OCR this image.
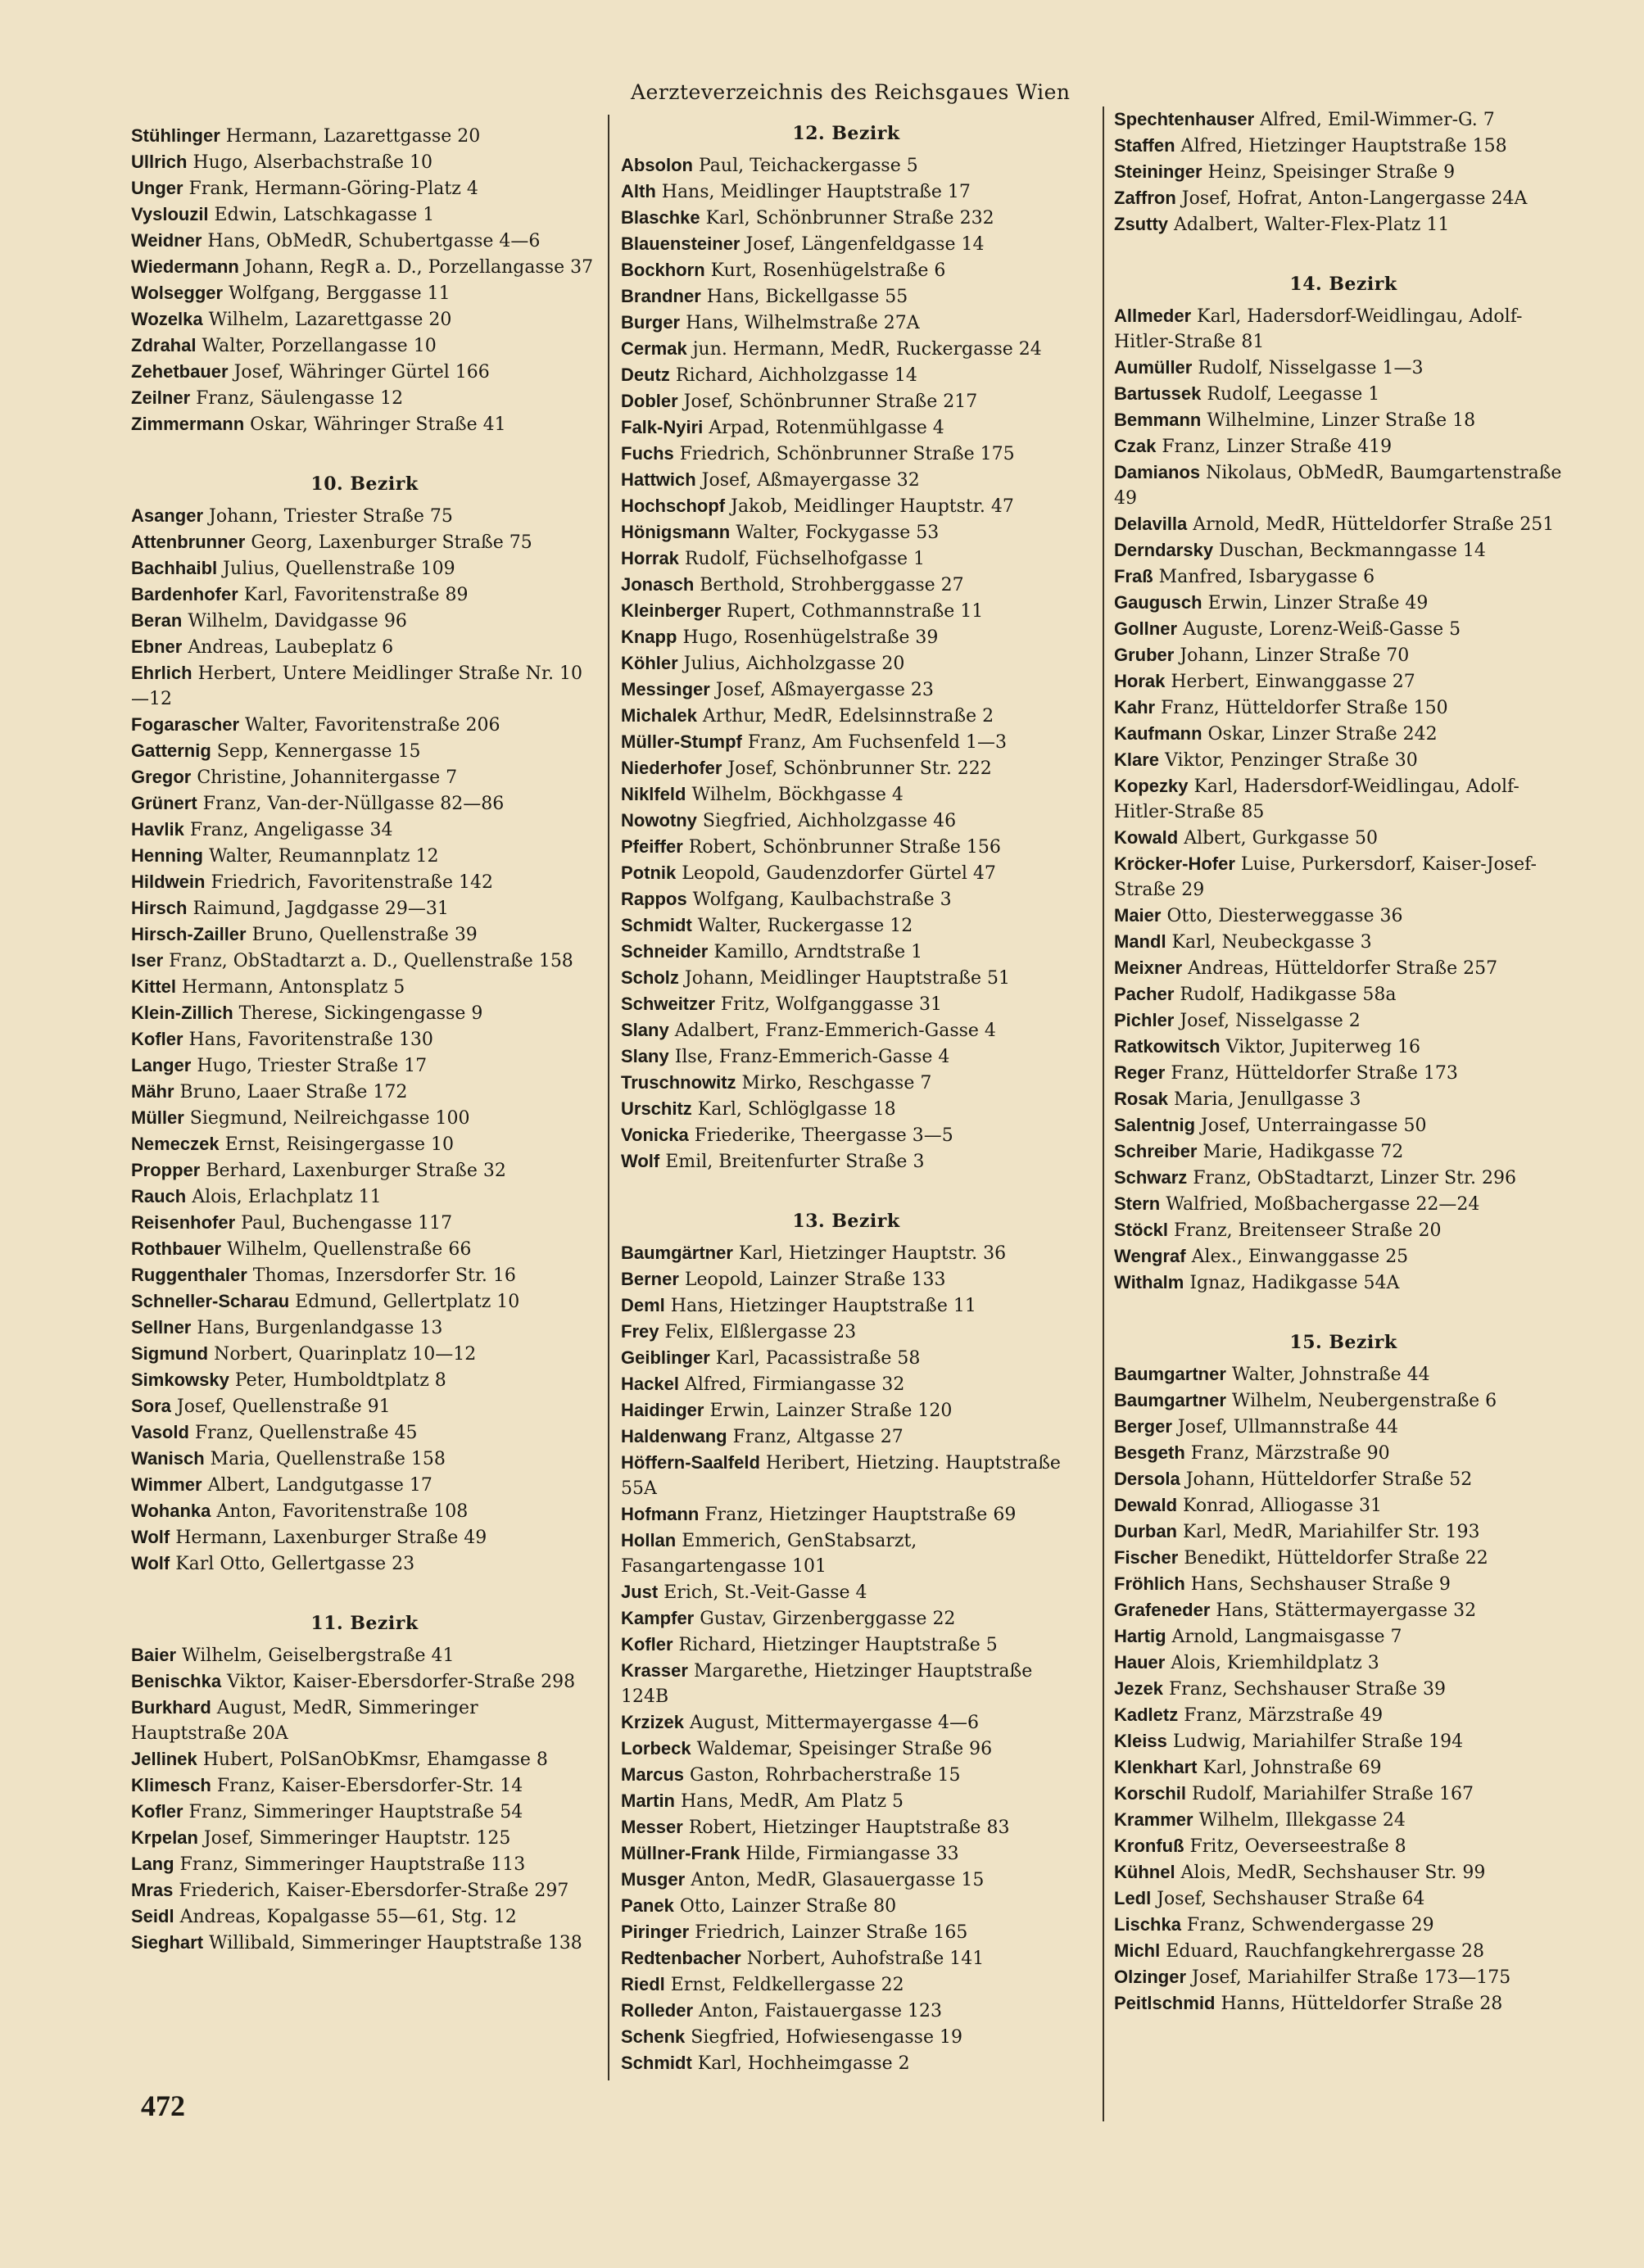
Aerzteverzeichnis des Reichsgaues Wien
Stühlinger Hermann, Lazarettgasse 20
Ullrich Hugo, Alserbachstraße 10
Unger Frank, Hermann-Göring-Platz 4
Vyslouzil Edwin, Latschkagasse 1
Weidner Hans, ObMedR, Schubertgasse 4—6
Wiedermann Johann, RegR a. D., Porzellangasse 37
Wolsegger Wolfgang, Berggasse 11
Wozelka Wilhelm, Lazarettgasse 20
Zdrahal Walter, Porzellangasse 10
Zehetbauer Josef, Währinger Gürtel 166
Zeilner Franz, Säulengasse 12
Zimmermann Oskar, Währinger Straße 41
10. Bezirk
Asanger Johann, Triester Straße 75
Attenbrunner Georg, Laxenburger Straße 75
Bachhaibl Julius, Quellenstraße 109
Bardenhofer Karl, Favoritenstraße 89
Beran Wilhelm, Davidgasse 96
Ebner Andreas, Laubeplatz 6
Ehrlich Herbert, Untere Meidlinger Straße Nr. 10—12
Fogarascher Walter, Favoritenstraße 206
Gatternig Sepp, Kennergasse 15
Gregor Christine, Johannitergasse 7
Grünert Franz, Van-der-Nüllgasse 82—86
Havlik Franz, Angeligasse 34
Henning Walter, Reumannplatz 12
Hildwein Friedrich, Favoritenstraße 142
Hirsch Raimund, Jagdgasse 29—31
Hirsch-Zailler Bruno, Quellenstraße 39
Iser Franz, ObStadtarzt a. D., Quellenstraße 158
Kittel Hermann, Antonsplatz 5
Klein-Zillich Therese, Sickingengasse 9
Kofler Hans, Favoritenstraße 130
Langer Hugo, Triester Straße 17
Mähr Bruno, Laaer Straße 172
Müller Siegmund, Neilreichgasse 100
Nemeczek Ernst, Reisingergasse 10
Propper Berhard, Laxenburger Straße 32
Rauch Alois, Erlachplatz 11
Reisenhofer Paul, Buchengasse 117
Rothbauer Wilhelm, Quellenstraße 66
Ruggenthaler Thomas, Inzersdorfer Str. 16
Schneller-Scharau Edmund, Gellertplatz 10
Sellner Hans, Burgenlandgasse 13
Sigmund Norbert, Quarinplatz 10—12
Simkowsky Peter, Humboldtplatz 8
Sora Josef, Quellenstraße 91
Vasold Franz, Quellenstraße 45
Wanisch Maria, Quellenstraße 158
Wimmer Albert, Landgutgasse 17
Wohanka Anton, Favoritenstraße 108
Wolf Hermann, Laxenburger Straße 49
Wolf Karl Otto, Gellertgasse 23
11. Bezirk
Baier Wilhelm, Geiselbergstraße 41
Benischka Viktor, Kaiser-Ebersdorfer-Straße 298
Burkhard August, MedR, Simmeringer Hauptstraße 20A
Jellinek Hubert, PolSanObKmsr, Ehamgasse 8
Klimesch Franz, Kaiser-Ebersdorfer-Str. 14
Kofler Franz, Simmeringer Hauptstraße 54
Krpelan Josef, Simmeringer Hauptstr. 125
Lang Franz, Simmeringer Hauptstraße 113
Mras Friederich, Kaiser-Ebersdorfer-Straße 297
Seidl Andreas, Kopalgasse 55—61, Stg. 12
Sieghart Willibald, Simmeringer Hauptstraße 138
12. Bezirk
Absolon Paul, Teichackergasse 5
Alth Hans, Meidlinger Hauptstraße 17
Blaschke Karl, Schönbrunner Straße 232
Blauensteiner Josef, Längenfeldgasse 14
Bockhorn Kurt, Rosenhügelstraße 6
Brandner Hans, Bickellgasse 55
Burger Hans, Wilhelmstraße 27A
Cermak jun. Hermann, MedR, Ruckergasse 24
Deutz Richard, Aichholzgasse 14
Dobler Josef, Schönbrunner Straße 217
Falk-Nyiri Arpad, Rotenmühlgasse 4
Fuchs Friedrich, Schönbrunner Straße 175
Hattwich Josef, Aßmayergasse 32
Hochschopf Jakob, Meidlinger Hauptstr. 47
Hönigsmann Walter, Fockygasse 53
Horrak Rudolf, Füchselhofgasse 1
Jonasch Berthold, Strohberggasse 27
Kleinberger Rupert, Cothmannstraße 11
Knapp Hugo, Rosenhügelstraße 39
Köhler Julius, Aichholzgasse 20
Messinger Josef, Aßmayergasse 23
Michalek Arthur, MedR, Edelsinnstraße 2
Müller-Stumpf Franz, Am Fuchsenfeld 1—3
Niederhofer Josef, Schönbrunner Str. 222
Niklfeld Wilhelm, Böckhgasse 4
Nowotny Siegfried, Aichholzgasse 46
Pfeiffer Robert, Schönbrunner Straße 156
Potnik Leopold, Gaudenzdorfer Gürtel 47
Rappos Wolfgang, Kaulbachstraße 3
Schmidt Walter, Ruckergasse 12
Schneider Kamillo, Arndtstraße 1
Scholz Johann, Meidlinger Hauptstraße 51
Schweitzer Fritz, Wolfganggasse 31
Slany Adalbert, Franz-Emmerich-Gasse 4
Slany Ilse, Franz-Emmerich-Gasse 4
Truschnowitz Mirko, Reschgasse 7
Urschitz Karl, Schlöglgasse 18
Vonicka Friederike, Theergasse 3—5
Wolf Emil, Breitenfurter Straße 3
13. Bezirk
Baumgärtner Karl, Hietzinger Hauptstr. 36
Berner Leopold, Lainzer Straße 133
Deml Hans, Hietzinger Hauptstraße 11
Frey Felix, Elßlergasse 23
Geiblinger Karl, Pacassistraße 58
Hackel Alfred, Firmiangasse 32
Haidinger Erwin, Lainzer Straße 120
Haldenwang Franz, Altgasse 27
Höffern-Saalfeld Heribert, Hietzing. Hauptstraße 55A
Hofmann Franz, Hietzinger Hauptstraße 69
Hollan Emmerich, GenStabsarzt, Fasangartengasse 101
Just Erich, St.-Veit-Gasse 4
Kampfer Gustav, Girzenberggasse 22
Kofler Richard, Hietzinger Hauptstraße 5
Krasser Margarethe, Hietzinger Hauptstraße 124B
Krzizek August, Mittermayergasse 4—6
Lorbeck Waldemar, Speisinger Straße 96
Marcus Gaston, Rohrbacherstraße 15
Martin Hans, MedR, Am Platz 5
Messer Robert, Hietzinger Hauptstraße 83
Müllner-Frank Hilde, Firmiangasse 33
Musger Anton, MedR, Glasauergasse 15
Panek Otto, Lainzer Straße 80
Piringer Friedrich, Lainzer Straße 165
Redtenbacher Norbert, Auhofstraße 141
Riedl Ernst, Feldkellergasse 22
Rolleder Anton, Faistauergasse 123
Schenk Siegfried, Hofwiesengasse 19
Schmidt Karl, Hochheimgasse 2
Spechtenhauser Alfred, Emil-Wimmer-G. 7
Staffen Alfred, Hietzinger Hauptstraße 158
Steininger Heinz, Speisinger Straße 9
Zaffron Josef, Hofrat, Anton-Langergasse 24A
Zsutty Adalbert, Walter-Flex-Platz 11
14. Bezirk
Allmeder Karl, Hadersdorf-Weidlingau, Adolf-Hitler-Straße 81
Aumüller Rudolf, Nisselgasse 1—3
Bartussek Rudolf, Leegasse 1
Bemmann Wilhelmine, Linzer Straße 18
Czak Franz, Linzer Straße 419
Damianos Nikolaus, ObMedR, Baumgartenstraße 49
Delavilla Arnold, MedR, Hütteldorfer Straße 251
Derndarsky Duschan, Beckmanngasse 14
Fraß Manfred, Isbarygasse 6
Gaugusch Erwin, Linzer Straße 49
Gollner Auguste, Lorenz-Weiß-Gasse 5
Gruber Johann, Linzer Straße 70
Horak Herbert, Einwanggasse 27
Kahr Franz, Hütteldorfer Straße 150
Kaufmann Oskar, Linzer Straße 242
Klare Viktor, Penzinger Straße 30
Kopezky Karl, Hadersdorf-Weidlingau, Adolf-Hitler-Straße 85
Kowald Albert, Gurkgasse 50
Kröcker-Hofer Luise, Purkersdorf, Kaiser-Josef-Straße 29
Maier Otto, Diesterweggasse 36
Mandl Karl, Neubeckgasse 3
Meixner Andreas, Hütteldorfer Straße 257
Pacher Rudolf, Hadikgasse 58a
Pichler Josef, Nisselgasse 2
Ratkowitsch Viktor, Jupiterweg 16
Reger Franz, Hütteldorfer Straße 173
Rosak Maria, Jenullgasse 3
Salentnig Josef, Unterraingasse 50
Schreiber Marie, Hadikgasse 72
Schwarz Franz, ObStadtarzt, Linzer Str. 296
Stern Walfried, Moßbachergasse 22—24
Stöckl Franz, Breitenseer Straße 20
Wengraf Alex., Einwanggasse 25
Withalm Ignaz, Hadikgasse 54A
15. Bezirk
Baumgartner Walter, Johnstraße 44
Baumgartner Wilhelm, Neubergenstraße 6
Berger Josef, Ullmannstraße 44
Besgeth Franz, Märzstraße 90
Dersola Johann, Hütteldorfer Straße 52
Dewald Konrad, Alliogasse 31
Durban Karl, MedR, Mariahilfer Str. 193
Fischer Benedikt, Hütteldorfer Straße 22
Fröhlich Hans, Sechshauser Straße 9
Grafeneder Hans, Stättermayergasse 32
Hartig Arnold, Langmaisgasse 7
Hauer Alois, Kriemhildplatz 3
Jezek Franz, Sechshauser Straße 39
Kadletz Franz, Märzstraße 49
Kleiss Ludwig, Mariahilfer Straße 194
Klenkhart Karl, Johnstraße 69
Korschil Rudolf, Mariahilfer Straße 167
Krammer Wilhelm, Illekgasse 24
Kronfuß Fritz, Oeverseestraße 8
Kühnel Alois, MedR, Sechshauser Str. 99
Ledl Josef, Sechshauser Straße 64
Lischka Franz, Schwendergasse 29
Michl Eduard, Rauchfangkehrergasse 28
Olzinger Josef, Mariahilfer Straße 173—175
Peitlschmid Hanns, Hütteldorfer Straße 28
472
